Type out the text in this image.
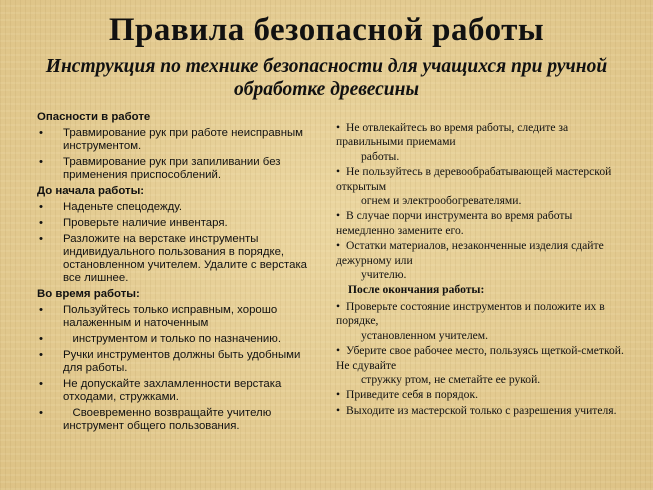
Правила безопасной работы
Инструкция по технике безопасности для учащихся при ручной обработке древесины
Опасности в работе
• Травмирование рук при работе неисправным инструментом.
• Травмирование рук при запиливании без применения приспособлений.
До начала работы:
• Наденьте спецодежду.
• Проверьте наличие инвентаря.
• Разложите на верстаке инструменты индивидуального пользования в порядке, остановленном учителем. Удалите с верстака все лишнее.
Во время работы:
• Пользуйтесь только исправным, хорошо налаженным и наточенным
• инструментом и только по назначению.
• Ручки инструментов должны быть удобными для работы.
• Не допускайте захламленности верстака отходами, стружками.
• Своевременно возвращайте учителю инструмент общего пользования.
• Не отвлекайтесь во время работы, следите за правильными приемами
работы.
• Не пользуйтесь в деревообрабатывающей мастерской открытым
огнем и электрообогревателями.
• В случае порчи инструмента во время работы немедленно замените его.
• Остатки материалов, незаконченные изделия сдайте дежурному или
учителю.
После окончания работы:
• Проверьте состояние инструментов и положите их в порядке,
установленном учителем.
• Уберите свое рабочее место, пользуясь щеткой-сметкой. Не сдувайте
стружку ртом, не сметайте ее рукой.
• Приведите себя в порядок.
• Выходите из мастерской только с разрешения учителя.
